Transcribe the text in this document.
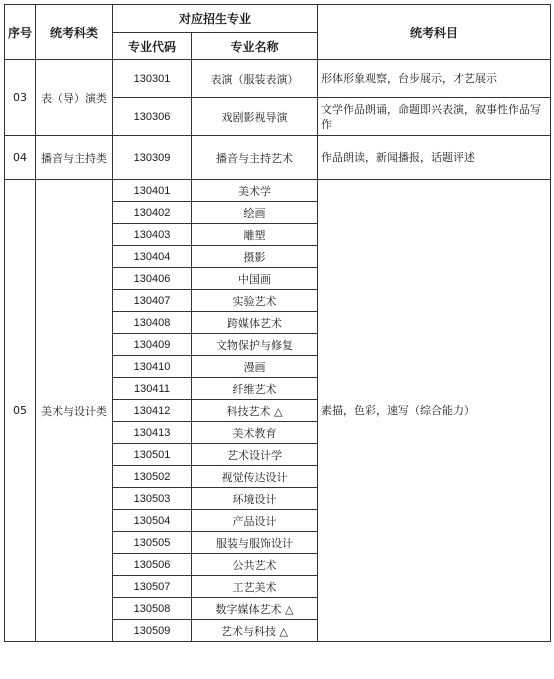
序号	统考科类	对应招生专业		统考科目
		专业代码	专业名称	
03	表（导）演类	130301	表演（服装表演）	形体形象观察，台步展示，才艺展示
		130306	戏剧影视导演	文学作品朗诵，命题即兴表演，叙事性作品写作
04	播音与主持类	130309	播音与主持艺术	作品朗读，新闻播报，话题评述
05	美术与设计类	130401	美术学	素描，色彩，速写（综合能力）
		130402	绘画	
		130403	雕塑	
		130404	摄影	
		130406	中国画	
		130407	实验艺术	
		130408	跨媒体艺术	
		130409	文物保护与修复	
		130410	漫画	
		130411	纤维艺术	
		130412	科技艺术 △	
		130413	美术教育	
		130501	艺术设计学	
		130502	视觉传达设计	
		130503	环境设计	
		130504	产品设计	
		130505	服装与服饰设计	
		130506	公共艺术	
		130507	工艺美术	
		130508	数字媒体艺术 △	
		130509	艺术与科技 △	
